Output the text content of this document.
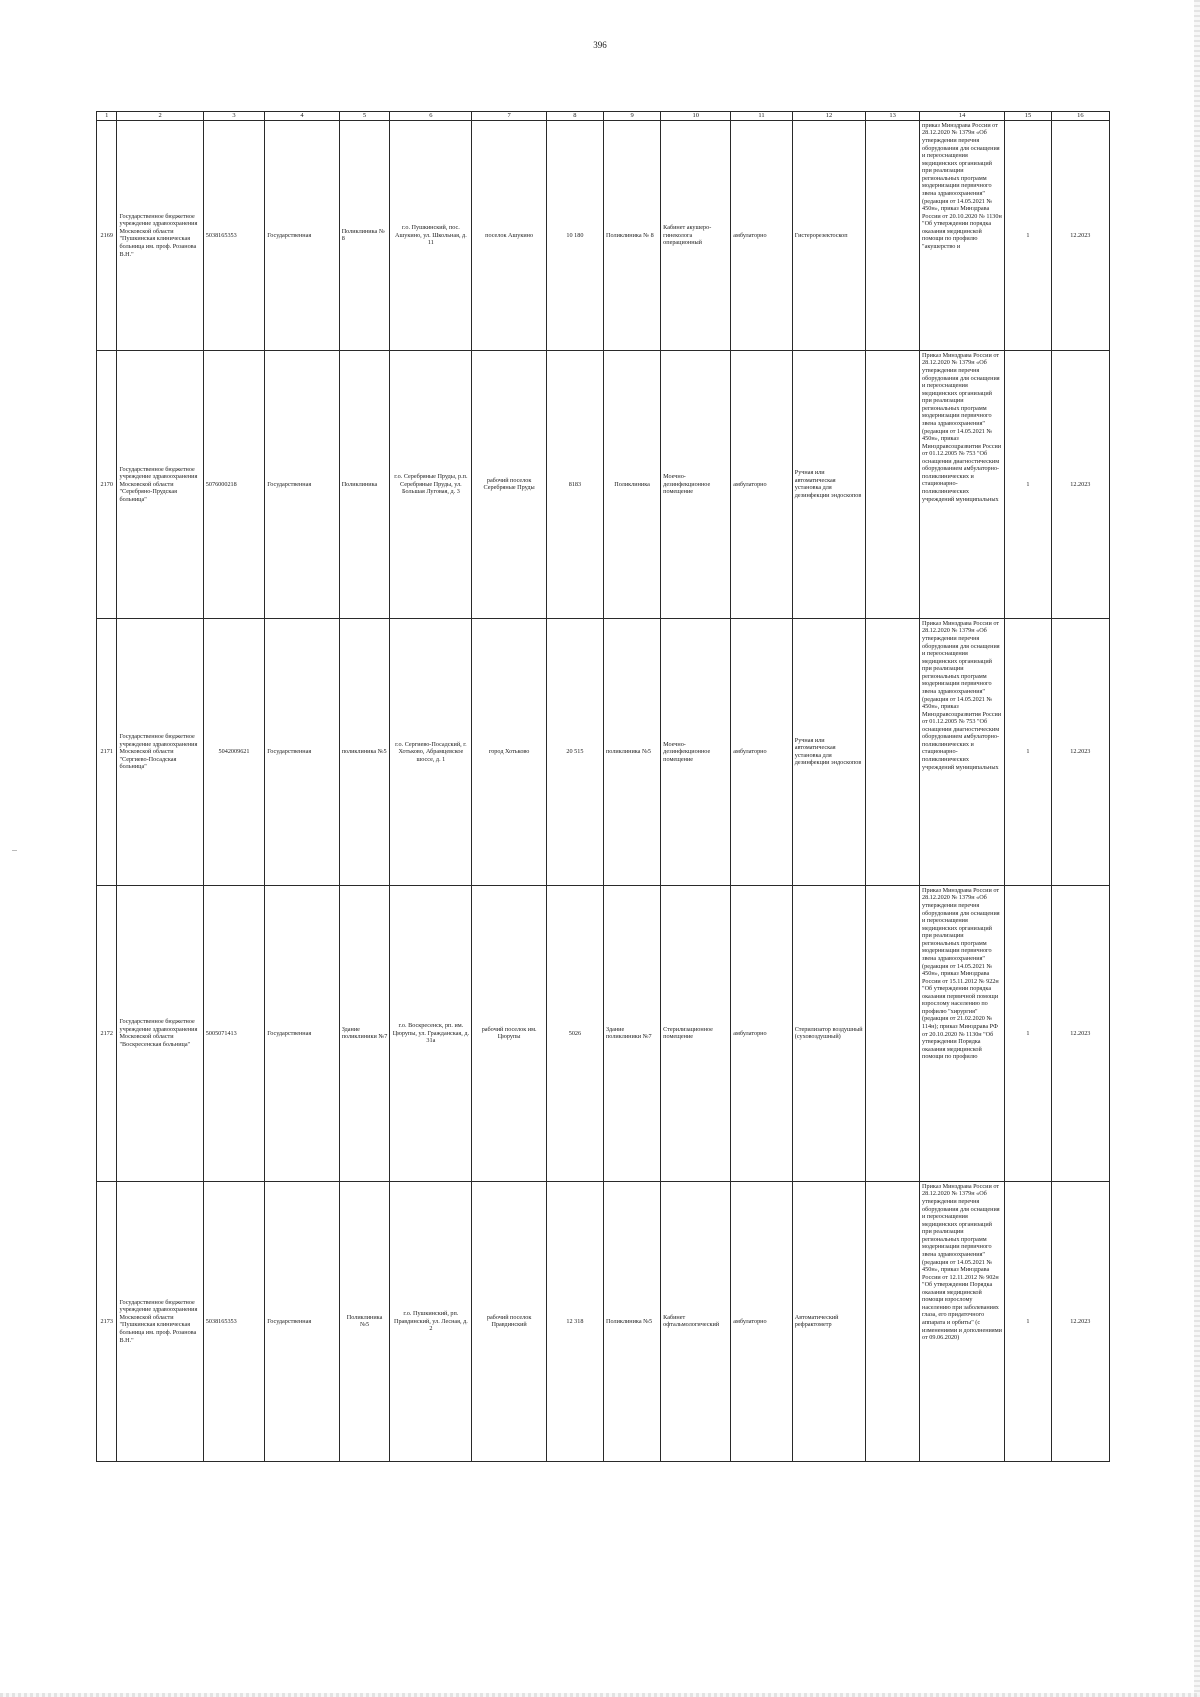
396
1	2	3	4	5	6	7	8	9	10	11	12	13	14	15	16
2169	Государственное бюджетное учреждение здравоохранения Московской области "Пушкинская клиническая больница им. проф. Розанова В.Н."	5038165353	Государственная	Поликлиника № 8	г.о. Пушкинский, пос. Ашукино, ул. Школьная, д. 11	поселок Ашукино	10 180	Поликлиника № 8	Кабинет акушеро-гинеколога операционный	амбулаторно	Гистерорезектоскоп		приказ Минздрава России от 28.12.2020 № 1379н «Об утверждении перечня оборудования для оснащения и переоснащения медицинских организаций при реализации региональных программ модернизации первичного звена здравоохранения"(редакция от 14.05.2021 № 450н», приказ Минздрава России от 20.10.2020 № 1130н "Об утверждении порядка оказания медицинской помощи по профилю "акушерство и	1	12.2023
2170	Государственное бюджетное учреждение здравоохранения Московской области "Серебряно-Прудская больница"	5076000218	Государственная	Поликлиника	г.о. Серебряные Пруды, р.п. Серебряные Пруды, ул. Большая Луговая, д. 3	рабочий поселок Серебряные Пруды	8183	Поликлиника	Моечно-дезинфекционное помещение	амбулаторно	Ручная или автоматическая установка для дезинфекции эндоскопов		Приказ Минздрава России от 28.12.2020 № 1379н «Об утверждении перечня оборудования для оснащения и переоснащения медицинских организаций при реализации региональных программ модернизации первичного звена здравоохранения"(редакция от 14.05.2021 № 450н», приказ Минздравсоцразвития России от 01.12.2005 № 753 "Об оснащении диагностическим оборудованием амбулаторно-поликлинических и стационарно-поликлинических учреждений муниципальных	1	12.2023
2171	Государственное бюджетное учреждение здравоохранения Московской области "Сергиево-Посадская больница"	5042009621	Государственная	поликлиника №5	г.о. Сергиево-Посадский, г. Хотьково, Абрамцевское шоссе, д. 1	город Хотьково	20 515	поликлиника №5	Моечно-дезинфекционное помещение	амбулаторно	Ручная или автоматическая установка для дезинфекции эндоскопов		Приказ Минздрава России от 28.12.2020 № 1379н «Об утверждении перечня оборудования для оснащения и переоснащения медицинских организаций при реализации региональных программ модернизации первичного звена здравоохранения"(редакция от 14.05.2021 № 450н», приказ Минздравсоцразвития России от 01.12.2005 № 753 "Об оснащении диагностическим оборудованием амбулаторно-поликлинических и стационарно-поликлинических учреждений муниципальных	1	12.2023
2172	Государственное бюджетное учреждение здравоохранения Московской области "Воскресенская больница"	5005071413	Государственная	Здание поликлиники №7	г.о. Воскресенск, рп. им. Цюрупы, ул. Гражданская, д. 31а	рабочий поселок им. Цюрупы	5026	Здание поликлиники №7	Стерилизационное помещение	амбулаторно	Стерилизатор воздушный (суховоздушный)		Приказ Минздрава России от 28.12.2020 № 1379н «Об утверждении перечня оборудования для оснащения и переоснащения медицинских организаций при реализации региональных программ модернизации первичного звена здравоохранения"(редакция от 14.05.2021 № 450н», приказ Минздрава России от 15.11.2012 № 922н "Об утверждении порядка оказания первичной помощи взрослому населению по профилю "хирургия" (редакция от 21.02.2020 № 114н); приказ Минздрава РФ от 20.10.2020 № 1130н "Об утверждении Порядка оказания медицинской помощи по профилю	1	12.2023
2173	Государственное бюджетное учреждение здравоохранения Московской области "Пушкинская клиническая больница им. проф. Розанова В.Н."	5038165353	Государственная	Поликлиника №5	г.о. Пушкинский, рп. Правдинский, ул. Лесная, д. 2	рабочий поселок Правдинский	12 318	Поликлиника №5	Кабинет офтальмологический	амбулаторно	Автоматический рефрактометр		Приказ Минздрава России от 28.12.2020 № 1379н «Об утверждении перечня оборудования для оснащения и переоснащения медицинских организаций при реализации региональных программ модернизации первичного звена здравоохранения"(редакция от 14.05.2021 № 450н», приказ Минздрава России от 12.11.2012 № 902н "Об утверждении Порядка оказания медицинской помощи взрослому населению при заболеваниях глаза, его придаточного аппарата и орбиты" (с изменениями и дополнениями от 09.06.2020)	1	12.2023
